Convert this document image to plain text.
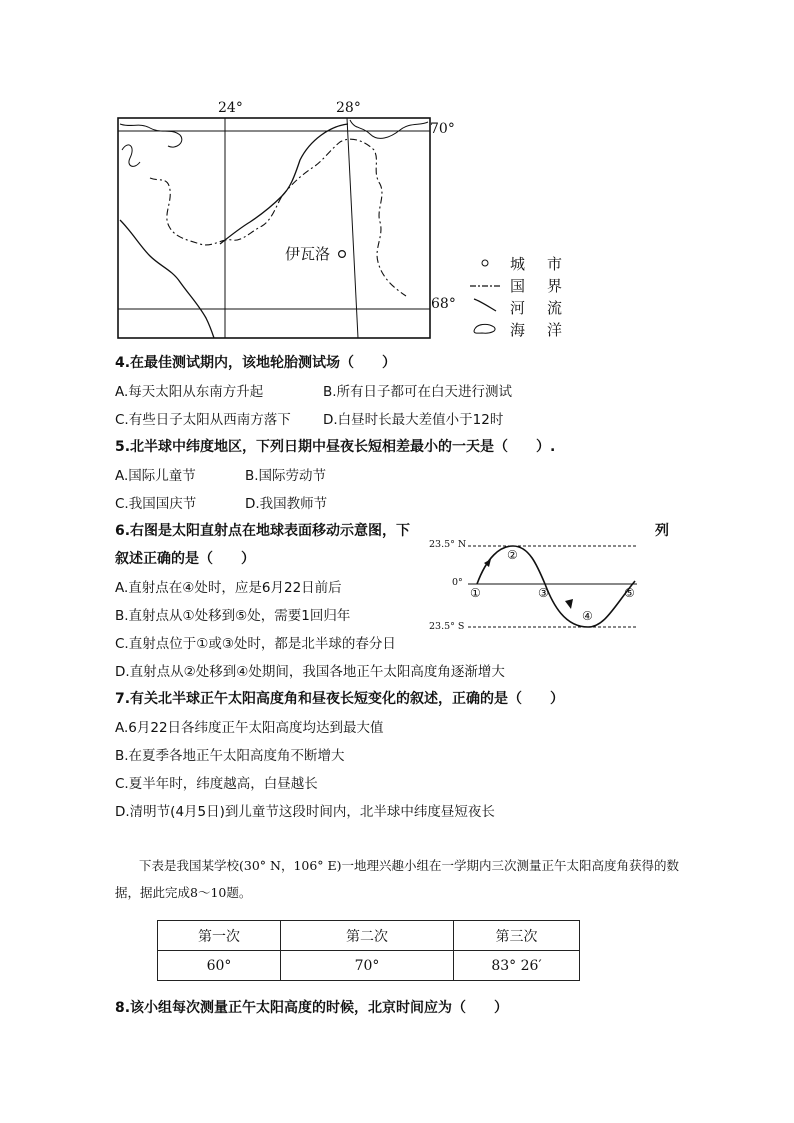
24°	28°
70°
68°
伊瓦洛
城市
国界
河流
海洋
4.在最佳测试期内，该地轮胎测试场（　　）
A.每天太阳从东南方升起	B.所有日子都可在白天进行测试
C.有些日子太阳从西南方落下 D.白昼时长最大差值小于12时
5.北半球中纬度地区，下列日期中昼夜长短相差最小的一天是（　　）.
A.国际儿童节	B.国际劳动节
C.我国国庆节	D.我国教师节
6.右图是太阳直射点在地球表面移动示意图，下	列
叙述正确的是（　　）
A.直射点在④处时，应是6月22日前后
B.直射点从①处移到⑤处，需要1回归年
C.直射点位于①或③处时，都是北半球的春分日
D.直射点从②处移到④处期间，我国各地正午太阳高度角逐渐增大
23.5° N
0°
23.5° S
①
②
③
④
⑤
7.有关北半球正午太阳高度角和昼夜长短变化的叙述，正确的是（　　）
A.6月22日各纬度正午太阳高度均达到最大值
B.在夏季各地正午太阳高度角不断增大
C.夏半年时，纬度越高，白昼越长
D.清明节(4月5日)到儿童节这段时间内，北半球中纬度昼短夜长
下表是我国某学校(30° N，106° E)一地理兴趣小组在一学期内三次测量正午太阳高度角获得的数据，据此完成8～10题。
第一次	第二次	第三次
60°	70°	83° 26′
8.该小组每次测量正午太阳高度的时候，北京时间应为（　　）
